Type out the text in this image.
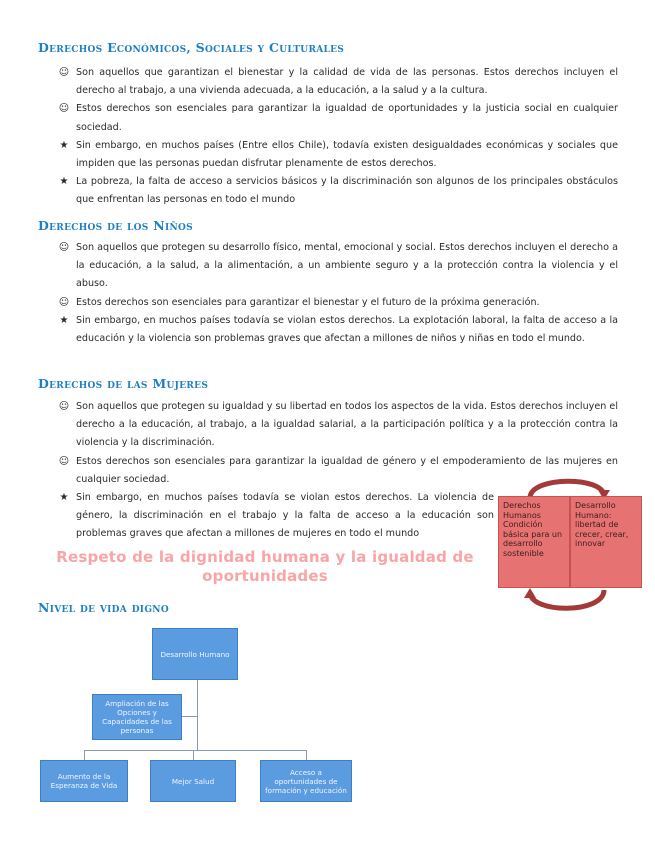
Derechos Económicos, Sociales y Culturales
☺ Son aquellos que garantizan el bienestar y la calidad de vida de las personas. Estos derechos incluyen el derecho al trabajo, a una vivienda adecuada, a la educación, a la salud y a la cultura.
☺ Estos derechos son esenciales para garantizar la igualdad de oportunidades y la justicia social en cualquier sociedad.
★ Sin embargo, en muchos países (Entre ellos Chile), todavía existen desigualdades económicas y sociales que impiden que las personas puedan disfrutar plenamente de estos derechos.
★ La pobreza, la falta de acceso a servicios básicos y la discriminación son algunos de los principales obstáculos que enfrentan las personas en todo el mundo
Derechos de los Niños
☺ Son aquellos que protegen su desarrollo físico, mental, emocional y social. Estos derechos incluyen el derecho a la educación, a la salud, a la alimentación, a un ambiente seguro y a la protección contra la violencia y el abuso.
☺ Estos derechos son esenciales para garantizar el bienestar y el futuro de la próxima generación.
★ Sin embargo, en muchos países todavía se violan estos derechos. La explotación laboral, la falta de acceso a la educación y la violencia son problemas graves que afectan a millones de niños y niñas en todo el mundo.
Derechos de las Mujeres
☺ Son aquellos que protegen su igualdad y su libertad en todos los aspectos de la vida. Estos derechos incluyen el derecho a la educación, al trabajo, a la igualdad salarial, a la participación política y a la protección contra la violencia y la discriminación.
☺ Estos derechos son esenciales para garantizar la igualdad de género y el empoderamiento de las mujeres en cualquier sociedad.
★ Sin embargo, en muchos países todavía se violan estos derechos. La violencia de género, la discriminación en el trabajo y la falta de acceso a la educación son problemas graves que afectan a millones de mujeres en todo el mundo
Derechos Humanos
Condición básica para un desarrollo sostenible
Desarrollo Humano: libertad de crecer, crear, innovar
Respeto de la dignidad humana y la igualdad de oportunidades
Nivel de vida digno
Desarrollo Humano
Ampliación de las Opciones y Capacidades de las personas
Aumento de la Esperanza de Vida	Mejor Salud
Acceso a oportunidades de formación y educación
